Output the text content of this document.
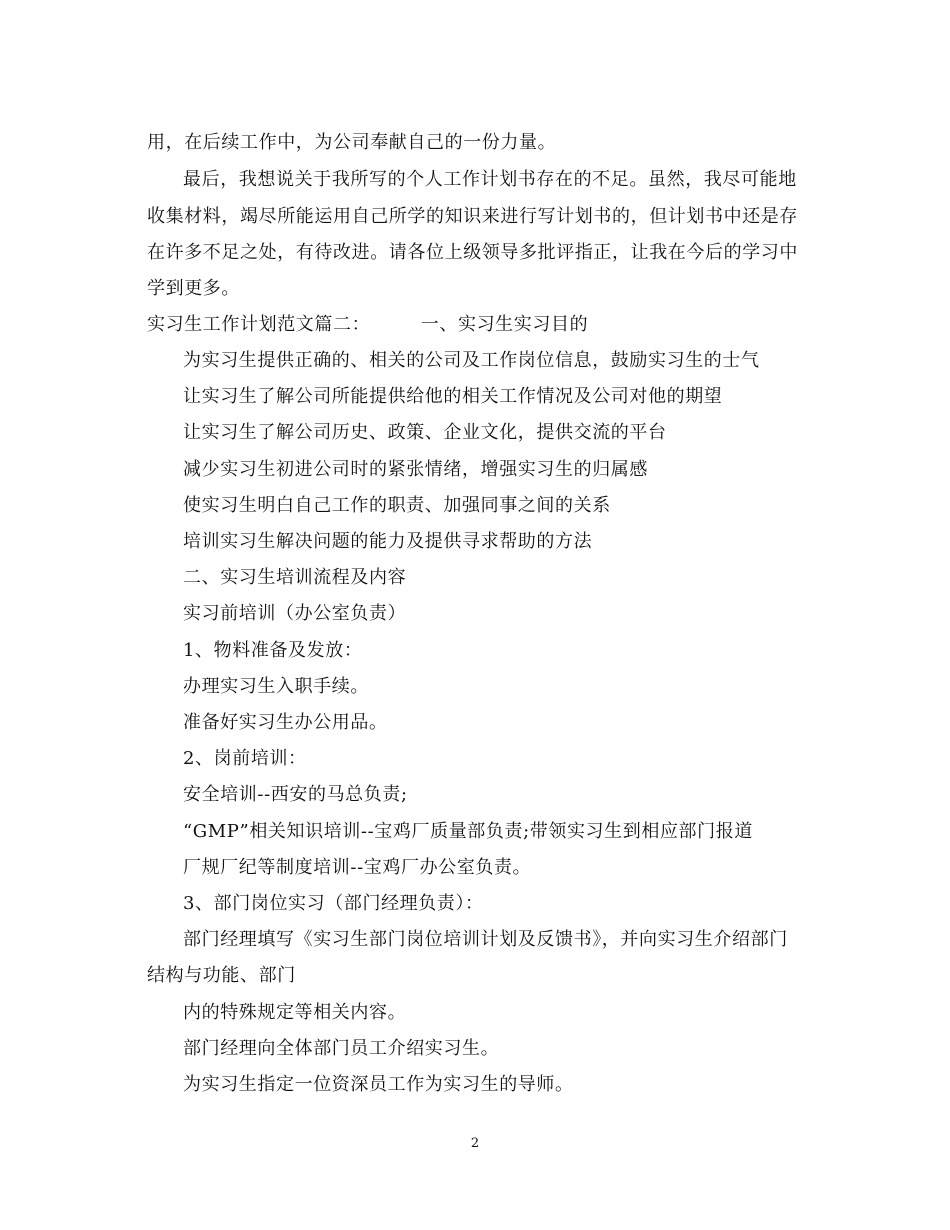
用，在后续工作中，为公司奉献自己的一份力量。
最后，我想说关于我所写的个人工作计划书存在的不足。虽然，我尽可能地
收集材料，竭尽所能运用自己所学的知识来进行写计划书的，但计划书中还是存
在许多不足之处，有待改进。请各位上级领导多批评指正，让我在今后的学习中
学到更多。
实习生工作计划范文篇二：        一、实习生实习目的
为实习生提供正确的、相关的公司及工作岗位信息，鼓励实习生的士气
让实习生了解公司所能提供给他的相关工作情况及公司对他的期望
让实习生了解公司历史、政策、企业文化，提供交流的平台
减少实习生初进公司时的紧张情绪，增强实习生的归属感
使实习生明白自己工作的职责、加强同事之间的关系
培训实习生解决问题的能力及提供寻求帮助的方法
二、实习生培训流程及内容
实习前培训（办公室负责）
1、物料准备及发放：
办理实习生入职手续。
准备好实习生办公用品。
2、岗前培训：
安全培训--西安的马总负责;
“GMP”相关知识培训--宝鸡厂质量部负责;带领实习生到相应部门报道
厂规厂纪等制度培训--宝鸡厂办公室负责。
3、部门岗位实习（部门经理负责）：
部门经理填写《实习生部门岗位培训计划及反馈书》，并向实习生介绍部门
结构与功能、部门
内的特殊规定等相关内容。
部门经理向全体部门员工介绍实习生。
为实习生指定一位资深员工作为实习生的导师。
2
